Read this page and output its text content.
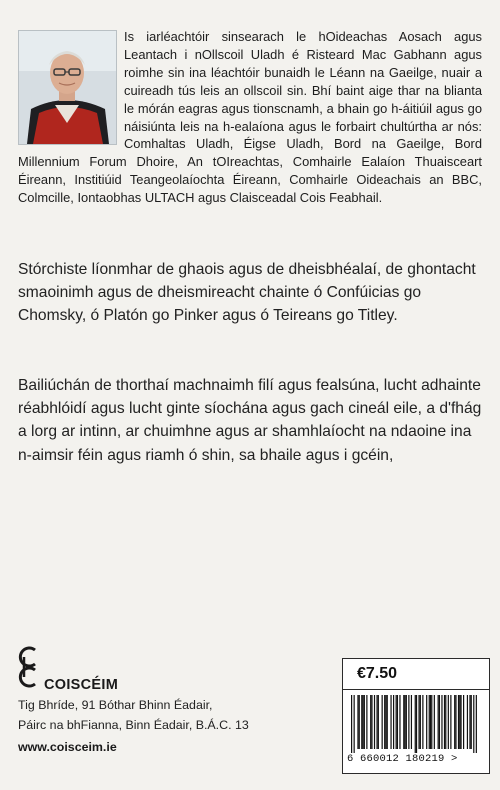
Is iarléachtóir sinsearach le hOideachas Aosach agus Leantach i nOllscoil Uladh é Risteard Mac Gabhann agus roimhe sin ina léachtóir bunaidh le Léann na Gaeilge, nuair a cuireadh tús leis an ollscoil sin. Bhí baint aige thar na blianta le mórán eagras agus tionscnamh, a bhain go h-áitiúil agus go náisiúnta leis na h-ealaíona agus le forbairt chultúrtha ar nós: Comhaltas Uladh, Éigse Uladh, Bord na Gaeilge, Bord Millennium Forum Dhoire, An tOIreachtas, Comhairle Ealaíon Thuaisceart Éireann, Institiúid Teangeolaíochta Éireann, Comhairle Oideachais an BBC, Colmcille, Iontaobhas ULTACH agus Claisceadal Cois Feabhail.

Stórchiste líonmhar de ghaois agus de dheisbhéalaí, de ghontacht smaoinimh agus de dheismireacht chainte ó Confúicias go Chomsky, ó Platón go Pinker agus ó Teireans go Titley.

Bailiúchán de thorthaí machnaimh filí agus fealsúna, lucht adhainte réabhlóidí agus lucht ginte síochána agus gach cineál eile, a d'fhág a lorg ar intinn, ar chuimhne agus ar shamhlaíocht na ndaoine ina n-aimsir féin agus riamh ó shin, sa bhaile agus i gcéin,

COISCÉIM
Tig Bhríde, 91 Bóthar Bhinn Éadair,
Páirc na bhFianna, Binn Éadair, B.Á.C. 13
www.coisceim.ie
€7.50
6 660012 180219 >
